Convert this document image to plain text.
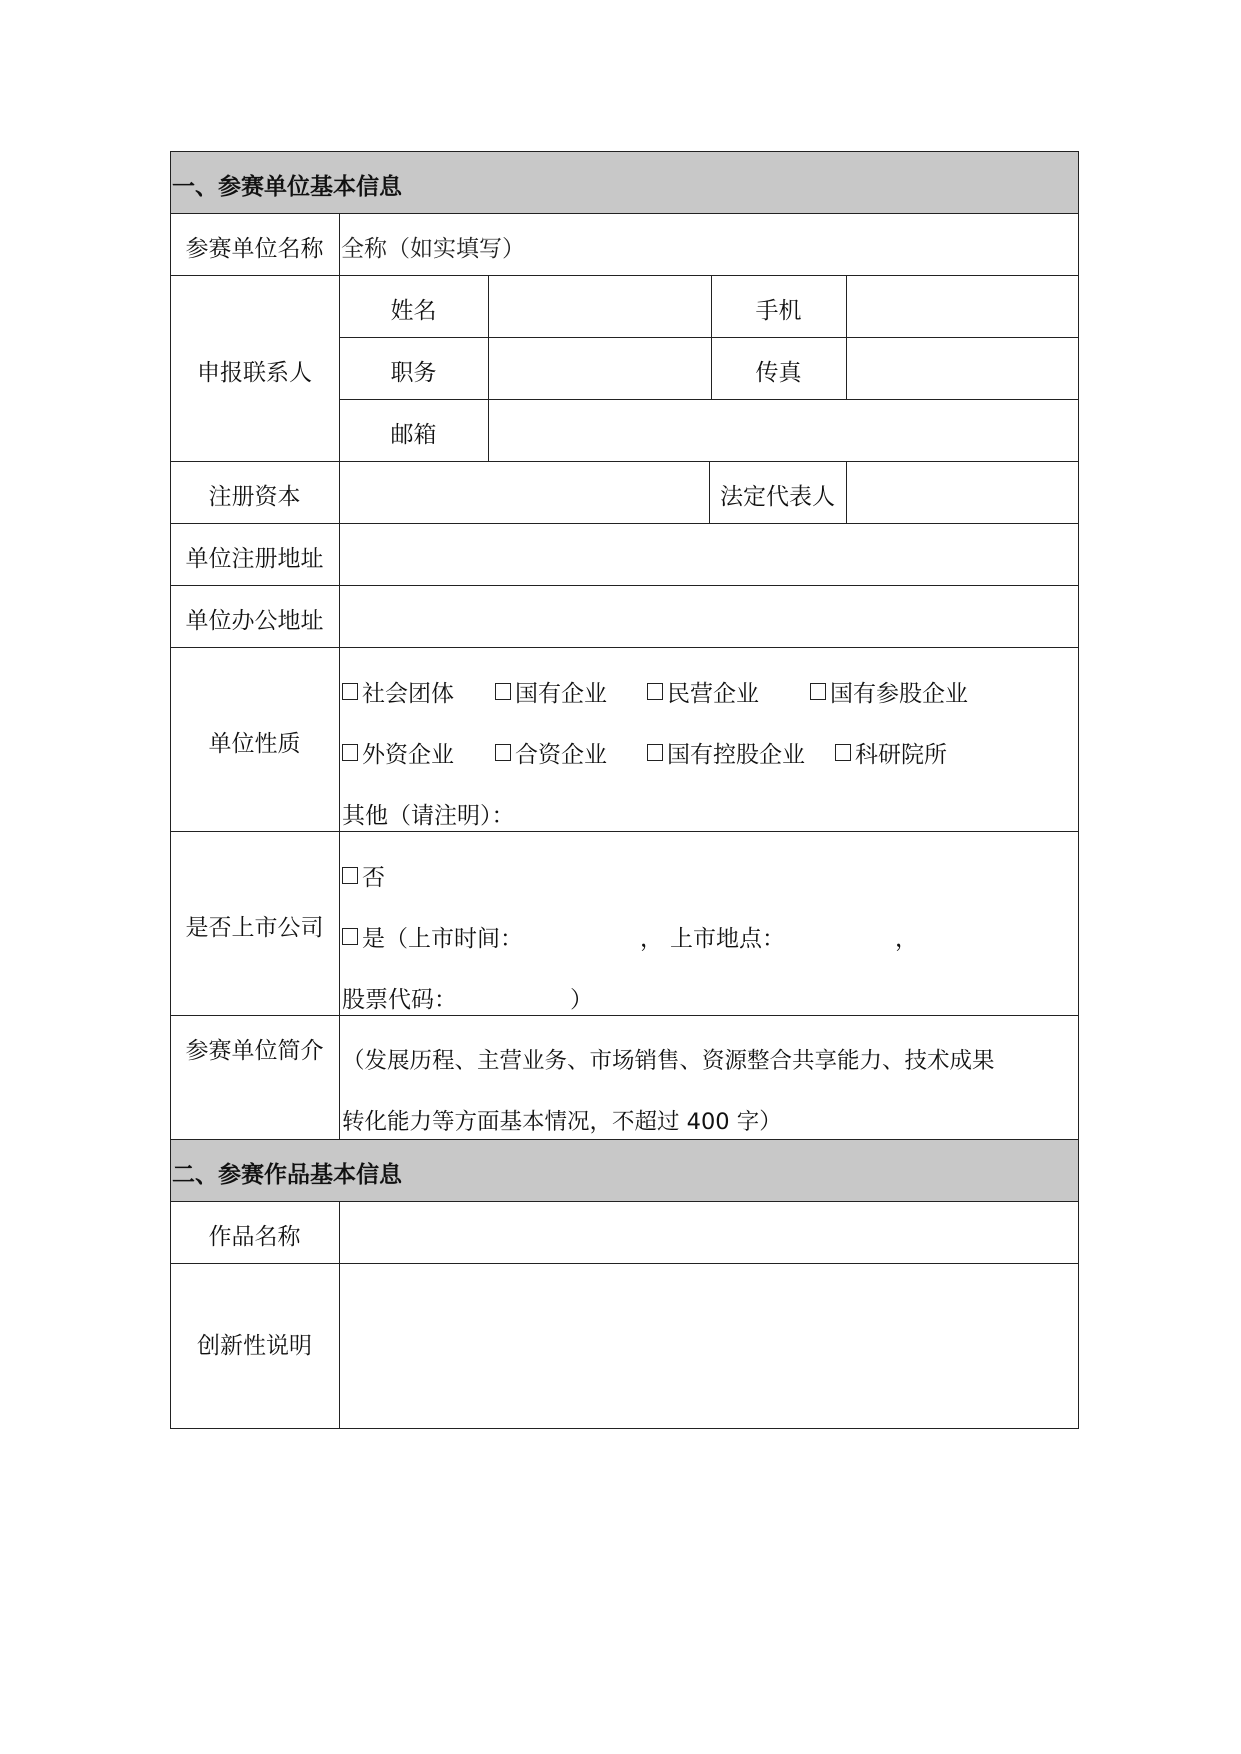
一、参赛单位基本信息
参赛单位名称 全称（如实填写）
申报联系人
姓名	手机
职务	传真
邮箱
注册资本	法定代表人
单位注册地址
单位办公地址
单位性质
社会团体	国有企业	民营企业	国有参股企业
外资企业	合资企业	国有控股企业 科研院所
其他（请注明）：
是否上市公司
否
是（上市时间：	， 上市地点：	，
股票代码：	）
参赛单位简介 （发展历程、主营业务、市场销售、资源整合共享能力、技术成果
转化能力等方面基本情况，不超过 400 字）
二、参赛作品基本信息
作品名称
创新性说明
